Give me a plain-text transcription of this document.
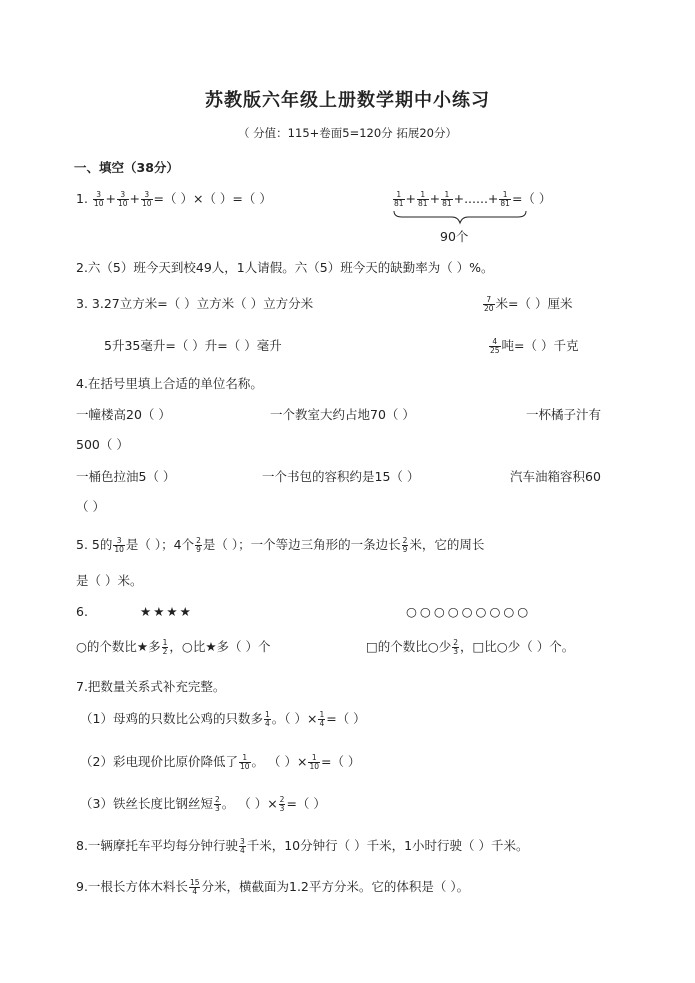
苏教版六年级上册数学期中小练习
（ 分值：115+卷面5=120分 拓展20分）
一、填空（38分）
1. $\frac{3}{10} + \frac{3}{10} + \frac{3}{10}$ =（ ）×（ ）=（ ）	$\frac{1}{81} + \frac{1}{81} + \frac{1}{81}$ +......+ $\frac{1}{81}$ =（ ）
90个
2.六（5）班今天到校49人，1人请假。六（5）班今天的缺勤率为（ ）%。
3. 3.27立方米=（ ）立方米（ ）立方分米	$\frac{7}{20}$ 米=（ ）厘米
5升35毫升=（ ）升=（ ）毫升	$\frac{4}{25}$ 吨=（ ）千克
4.在括号里填上合适的单位名称。
一幢楼高20（ ）	一个教室大约占地70（ ）	一杯橘子汁有
500（ ）
一桶色拉油5（ ）	一个书包的容积约是15（ ）	汽车油箱容积60
（ ）
5. 5的 $\frac{3}{10}$ 是（ ）；4个 $\frac{2}{9}$ 是（ ）；一个等边三角形的一条边长 $\frac{2}{9}$ 米，它的周长
是（ ）米。
6.	★★★★	○○○○○○○○○
○的个数比★多 $\frac{1}{2}$ ，○比★多（ ）个	□的个数比○少 $\frac{2}{3}$ ，□比○少（ ）个。
7.把数量关系式补充完整。
（1）母鸡的只数比公鸡的只数多 $\frac{1}{4}$ 。（ ）× $\frac{1}{4}$ =（ ）
（2）彩电现价比原价降低了 $\frac{1}{10}$ 。 （ ）× $\frac{1}{10}$ =（ ）
（3）铁丝长度比钢丝短 $\frac{2}{3}$ 。 （ ）× $\frac{2}{3}$ =（ ）
8.一辆摩托车平均每分钟行驶 $\frac{3}{4}$ 千米，10分钟行（ ）千米，1小时行驶（ ）千米。
9.一根长方体木料长 $\frac{15}{4}$ 分米，横截面为1.2平方分米。它的体积是（ ）。
